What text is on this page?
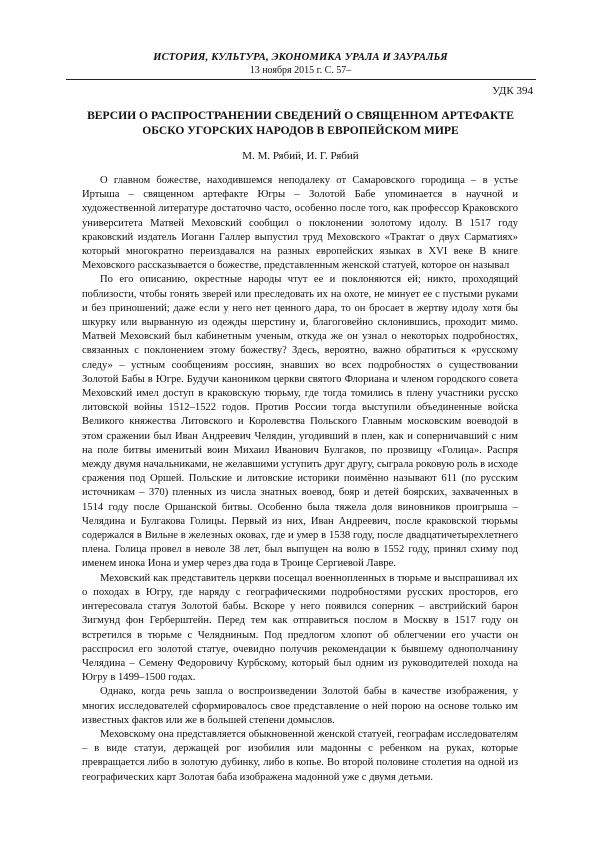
ИСТОРИЯ, КУЛЬТУРА, ЭКОНОМИКА УРАЛА И ЗАУРАЛЬЯ
13 ноября 2015 г. С. 57–
УДК 394
ВЕРСИИ О РАСПРОСТРАНЕНИИ СВЕДЕНИЙ О СВЯЩЕННОМ АРТЕФАКТЕ
ОБСКО УГОРСКИХ НАРОДОВ В ЕВРОПЕЙСКОМ МИРЕ
М. М. Рябий, И. Г. Рябий

О главном божестве, находившемся неподалеку от Самаровского городища – в устье Иртыша – священном артефакте Югры – Золотой Бабе упоминается в научной и художественной литературе достаточно часто, особенно после того, как профессор Краковского университета Матвей Меховский сообщил о поклонении золотому идолу. В 1517 году краковский издатель Иоганн Галлер выпустил труд Меховского «Трактат о двух Сарматиях» который многократно переиздавался на разных европейских языках в XVI веке В книге Меховского рассказывается о божестве, представленным женской статуей, которое он называл

По его описанию, окрестные народы чтут ее и поклоняются ей; никто, проходящий поблизости, чтобы гонять зверей или преследовать их на охоте, не минует ее с пустыми руками и без приношений; даже если у него нет ценного дара, то он бросает в жертву идолу хотя бы шкурку или вырванную из одежды шерстину и, благоговейно склонившись, проходит мимо. Матвей Меховский был кабинетным ученым, откуда же он узнал о некоторых подробностях, связанных с поклонением этому божеству? Здесь, вероятно, важно обратиться к «русскому следу» – устным сообщениям россиян, знавших во всех подробностях о существовании Золотой Бабы в Югре. Будучи каноником церкви святого Флориана и членом городского совета Меховский имел доступ в краковскую тюрьму, где тогда томились в плену участники русско литовской войны 1512–1522 годов. Против России тогда выступили объединенные войска Великого княжества Литовского и Королевства Польского Главным московским воеводой в этом сражении был Иван Андреевич Челядин, угодивший в плен, как и соперничавший с ним на поле битвы именитый воин Михаил Иванович Булгаков, по прозвищу «Голица». Распря между двумя начальниками, не желавшими уступить друг другу, сыграла роковую роль в исходе сражения под Оршей. Польские и литовские историки поимённо называют 611 (по русским источникам – 370) пленных из числа знатных воевод, бояр и детей боярских, захваченных в 1514 году после Оршанской битвы. Особенно была тяжела доля виновников проигрыша – Челядина и Булгакова Голицы. Первый из них, Иван Андреевич, после краковской тюрьмы содержался в Вильне в железных оковах, где и умер в 1538 году, после двадцатичетырехлетнего плена. Голица провел в неволе 38 лет, был выпущен на волю в 1552 году, принял схиму под именем инока Иона и умер через два года в Троице Сергиевой Лавре.

Меховский как представитель церкви посещал военнопленных в тюрьме и выспрашивал их о походах в Югру, где наряду с географическими подробностями русских просторов, его интересовала статуя Золотой бабы. Вскоре у него появился соперник – австрийский барон Зигмунд фон Герберштейн. Перед тем как отправиться послом в Москву в 1517 году он встретился в тюрьме с Челядниным. Под предлогом хлопот об облегчении его участи он расспросил его золотой статуе, очевидно получив рекомендации к бывшему однополчанину Челядина – Семену Федоровичу Курбскому, который был одним из руководителей похода на Югру в 1499–1500 годах.

Однако, когда речь зашла о воспроизведении Золотой бабы в качестве изображения, у многих исследователей сформировалось свое представление о ней порою на основе только им известных фактов или же в большей степени домыслов.

Меховскому она представляется обыкновенной женской статуей, географам исследователям – в виде статуи, держащей рог изобилия или мадонны с ребенком на руках, которые превращается либо в золотую дубинку, либо в копье. Во второй половине столетия на одной из географических карт Золотая баба изображена мадонной уже с двумя детьми.
